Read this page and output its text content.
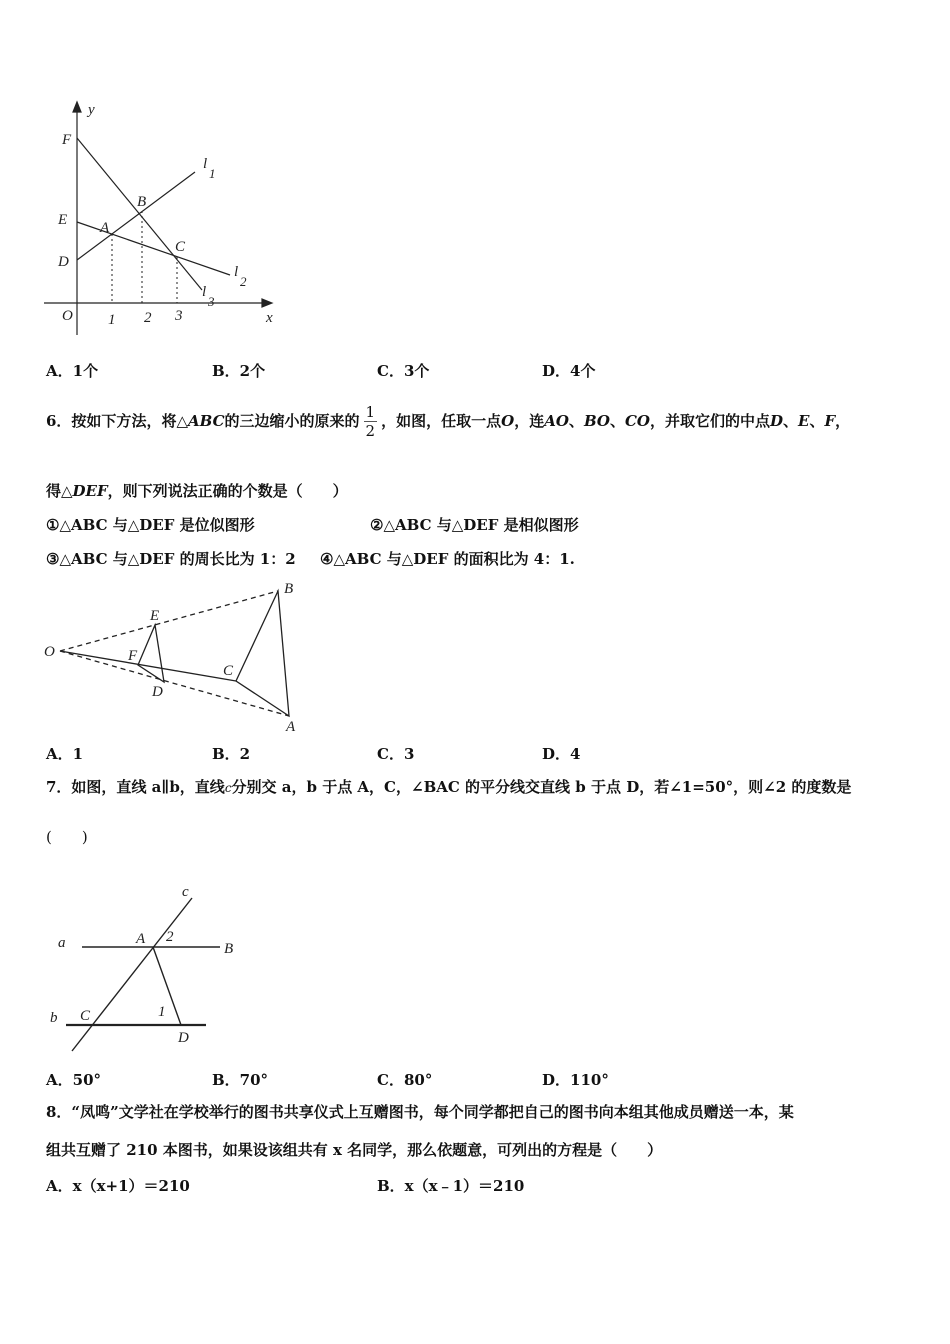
y
x
O
F
E
D
A
B
C
l
1
l
2
l
3
1 2 3
A．1个	B．2个	C．3个	D．4个
6．按如下方法，将△ ABC 的三边缩小的原来的 $\frac{1}{2}$ ，如图，任取一点 O ，连 AO 、 BO 、 CO ，并取它们的中点 D 、 E 、 F ，
得△DEF，则下列说法正确的个数是（　　）
①△ABC 与△DEF 是位似图形	②△ABC 与△DEF 是相似图形
③△ABC 与△DEF 的周长比为 1：2 ④△ABC 与△DEF 的面积比为 4：1.
O
E
F
D
C
B
A
A．1	B．2	C．3	D．4
7．如图，直线 a∥b，直线c分别交 a，b 于点 A，C，∠BAC 的平分线交直线 b 于点 D，若∠1=50°，则∠2 的度数是
(　　)
c
a	A 2
B
b C	1
D
A．50°	B．70°	C．80°	D．110°
8．“凤鸣”文学社在学校举行的图书共享仪式上互赠图书，每个同学都把自己的图书向本组其他成员赠送一本，某
组共互赠了 210 本图书，如果设该组共有 x 名同学，那么依题意，可列出的方程是（　　）
A．x（x+1）＝210	B．x（x﹣1）＝210
